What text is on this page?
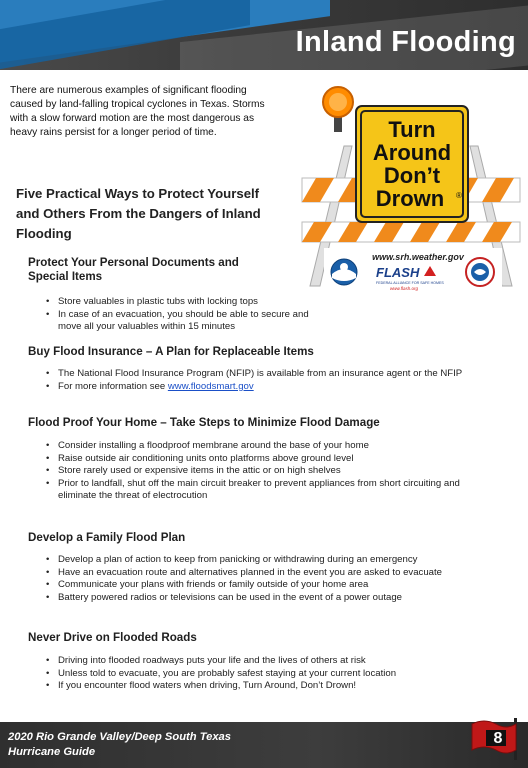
Inland Flooding
There are numerous examples of significant flooding caused by land-falling tropical cyclones in Texas. Storms with a slow forward motion are the most dangerous as heavy rains persist for a longer period of time.	Turn
Around
Don’t
Drown ®
www.srh.weather.gov
FLASH
FEDERAL ALLIANCE FOR SAFE HOMES
www.flash.org
Five Practical Ways to Protect Yourself and Others From the Dangers of Inland Flooding
Protect Your Personal Documents and Special Items
• Store valuables in plastic tubs with locking tops
• In case of an evacuation, you should be able to secure and move all your valuables within 15 minutes
Buy Flood Insurance – A Plan for Replaceable Items
• The National Flood Insurance Program (NFIP) is available from an insurance agent or the NFIP
• For more information see www.floodsmart.gov
Flood Proof Your Home – Take Steps to Minimize Flood Damage
• Consider installing a floodproof membrane around the base of your home
• Raise outside air conditioning units onto platforms above ground level
• Store rarely used or expensive items in the attic or on high shelves
• Prior to landfall, shut off the main circuit breaker to prevent appliances from short circuiting and eliminate the threat of electrocution
Develop a Family Flood Plan
• Develop a plan of action to keep from panicking or withdrawing during an emergency
• Have an evacuation route and alternatives planned in the event you are asked to evacuate
• Communicate your plans with friends or family outside of your home area
• Battery powered radios or televisions can be used in the event of a power outage
Never Drive on Flooded Roads
• Driving into flooded roadways puts your life and the lives of others at risk
• Unless told to evacuate, you are probably safest staying at your current location
• If you encounter flood waters when driving, Turn Around, Don’t Drown!
2020 Rio Grande Valley/Deep South Texas
Hurricane Guide
8
